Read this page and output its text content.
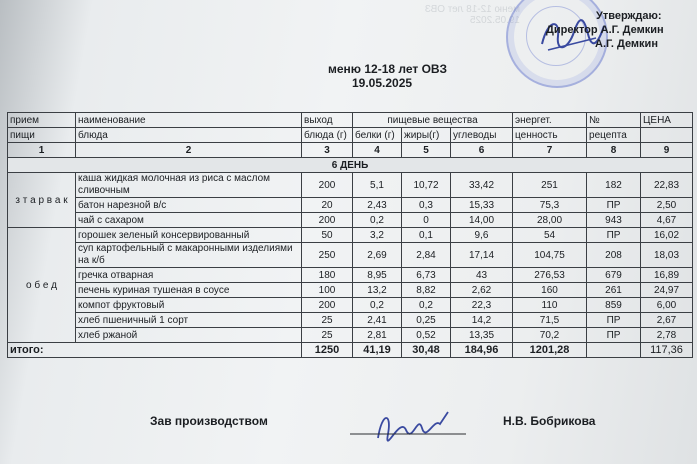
меню 12-18 лет ОВЗ
19.05.2025	Утверждаю:
Директор А.Г. Демкин
А.Г. Демкин
меню 12-18 лет ОВЗ
19.05.2025
прием	наименование	выход	пищевые вещества			энергет.	№	ЦЕНА
пищи	блюда	блюда (г)	белки (г)	жиры(г)	углеводы	ценность	рецепта	
1	2	3	4	5	6	7	8	9
6 ДЕНЬ								
з т а р в а к	каша жидкая молочная из риса с маслом сливочным	200	5,1	10,72	33,42	251	182	22,83
	батон нарезной в/с	20	2,43	0,3	15,33	75,3	ПР	2,50
	чай с сахаром	200	0,2	0	14,00	28,00	943	4,67
о б е д	горошек зеленый консервированный	50	3,2	0,1	9,6	54	ПР	16,02
	суп картофельный с макаронными изделиями на к/б	250	2,69	2,84	17,14	104,75	208	18,03
	гречка отварная	180	8,95	6,73	43	276,53	679	16,89
	печень куриная тушеная в соусе	100	13,2	8,82	2,62	160	261	24,97
	компот фруктовый	200	0,2	0,2	22,3	110	859	6,00
	хлеб пшеничный 1 сорт	25	2,41	0,25	14,2	71,5	ПР	2,67
	хлеб ржаной	25	2,81	0,52	13,35	70,2	ПР	2,78
итого:		1250	41,19	30,48	184,96	1201,28		117,36
Зав производством	Н.В. Бобрикова
